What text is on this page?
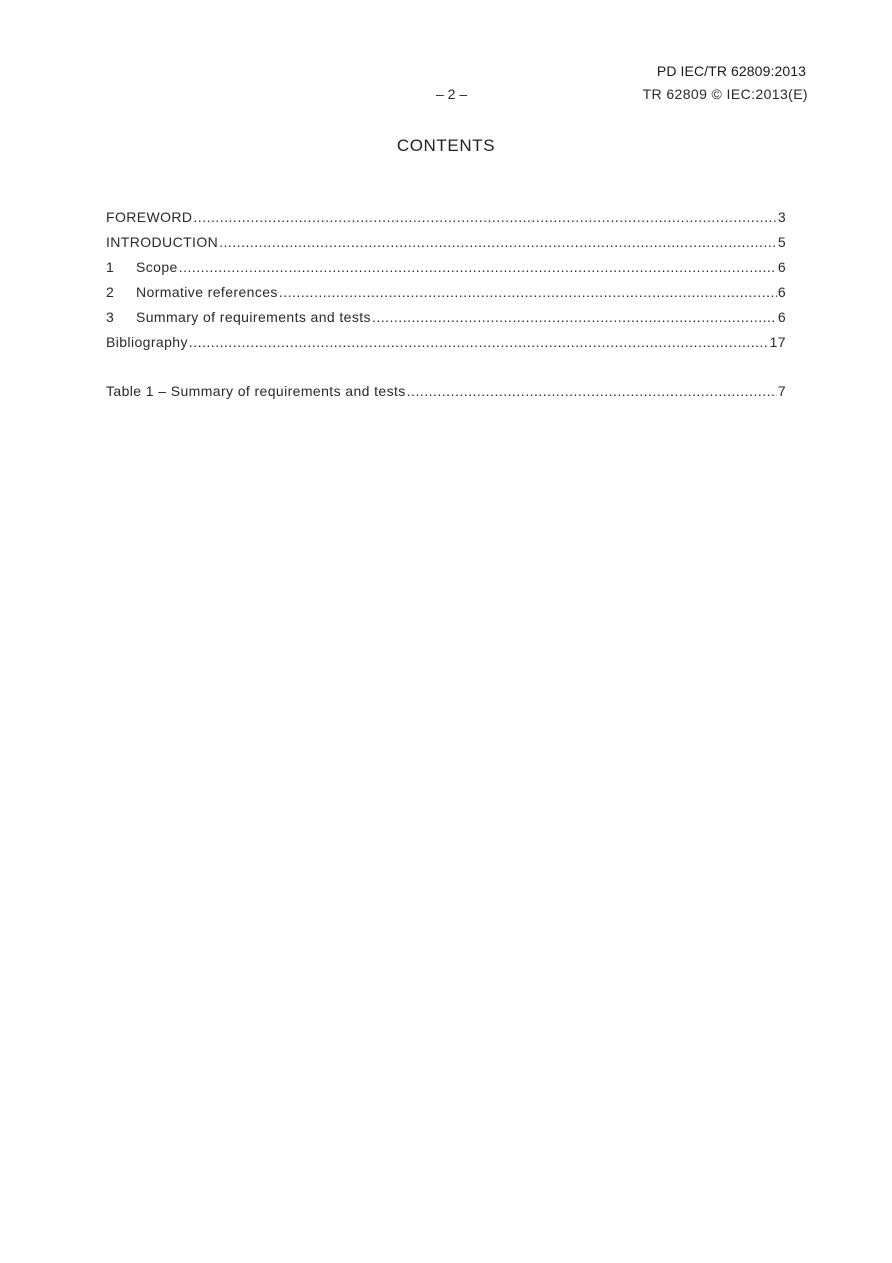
PD IEC/TR 62809:2013
– 2 –	TR 62809 © IEC:2013(E)
CONTENTS
FOREWORD .....	3
INTRODUCTION .....	5
1	Scope .....	6
2	Normative references .....	6
3	Summary of requirements and tests .....	6
Bibliography .....	17
Table 1 – Summary of requirements and tests .....	7
